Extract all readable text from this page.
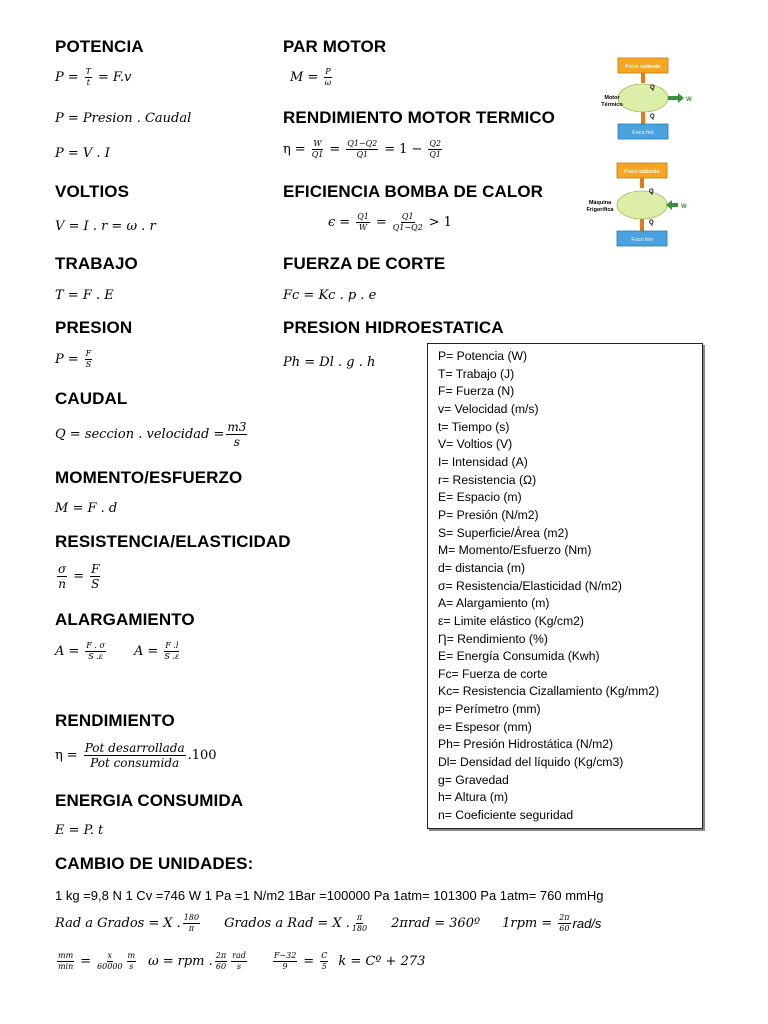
POTENCIA	PAR MOTOR
RENDIMIENTO MOTOR TERMICO
VOLTIOS	EFICIENCIA BOMBA DE CALOR
TRABAJO	FUERZA DE CORTE
PRESION	PRESION HIDROESTATICA
CAUDAL
MOMENTO/ESFUERZO
RESISTENCIA/ELASTICIDAD
ALARGAMIENTO
RENDIMIENTO
ENERGIA CONSUMIDA
CAMBIO DE UNIDADES:
$P = \frac{T}{t} = F.v$
P = Presion . Caudal
P = V . I
$M = \frac{P}{\omega}$
$\eta = \frac{W}{Q1} = \frac{Q1-Q2}{Q1} = 1 - \frac{Q2}{Q1}$
V = I . r = ω . r	$\epsilon = \frac{Q1}{W} = \frac{Q1}{Q1-Q2} > 1$
T = F . E	Fc = Kc . p . e
$P = \frac{F}{S}$	Ph = Dl . g . h
Q = seccion . velocidad = $\frac{m3}{s}$
M = F . d
$\frac{\sigma}{n} = \frac{F}{S}$
$A = \frac{F . \sigma}{S .\varepsilon}$ $A = \frac{F .l}{S .\varepsilon}$
η = Pot desarrollada
Pot consumida .100
E = P. t
P= Potencia (W)
T= Trabajo (J)
F= Fuerza (N)
v= Velocidad (m/s)
t= Tiempo (s)
V= Voltios (V)
I= Intensidad (A)
r= Resistencia (Ω)
E= Espacio (m)
P= Presión (N/m2)
S= Superficie/Área (m2)
M= Momento/Esfuerzo (Nm)
d= distancia (m)
σ= Resistencia/Elasticidad (N/m2)
A= Alargamiento (m)
ε= Limite elástico (Kg/cm2)
Ƞ= Rendimiento (%)
E= Energía Consumida (Kwh)
Fc= Fuerza de corte
Kc= Resistencia Cizallamiento (Kg/mm2)
p= Perímetro (mm)
e= Espesor (mm)
Ph= Presión Hidrostática (N/m2)
Dl= Densidad del líquido (Kg/cm3)
g= Gravedad
h= Altura (m)
n= Coeficiente seguridad
1 kg =9,8 N 1 Cv =746 W 1 Pa =1 N/m2 1Bar =100000 Pa 1atm= 101300 Pa 1atm= 760 mmHg
Rad a Grados = X . $\frac{180}{\pi}$ Grados a Rad = X . $\frac{\pi}{180} 2$ πrad = 360º 1 rpm = $\frac{2\pi}{60} rad/s$
mm
$\min = \frac{x}{60000}$ m
s ω = rpm . $\frac{2\pi}{60}$ rad
s	$\frac{F-32}{9} = \frac{C}{5}$ k = Cº + 273
Foco caliente
Q
Q
W
Foco frio
Motor
Térmico
Foco caliente
Q
Q
W
Foco frio
Máquina
Frigorífica
